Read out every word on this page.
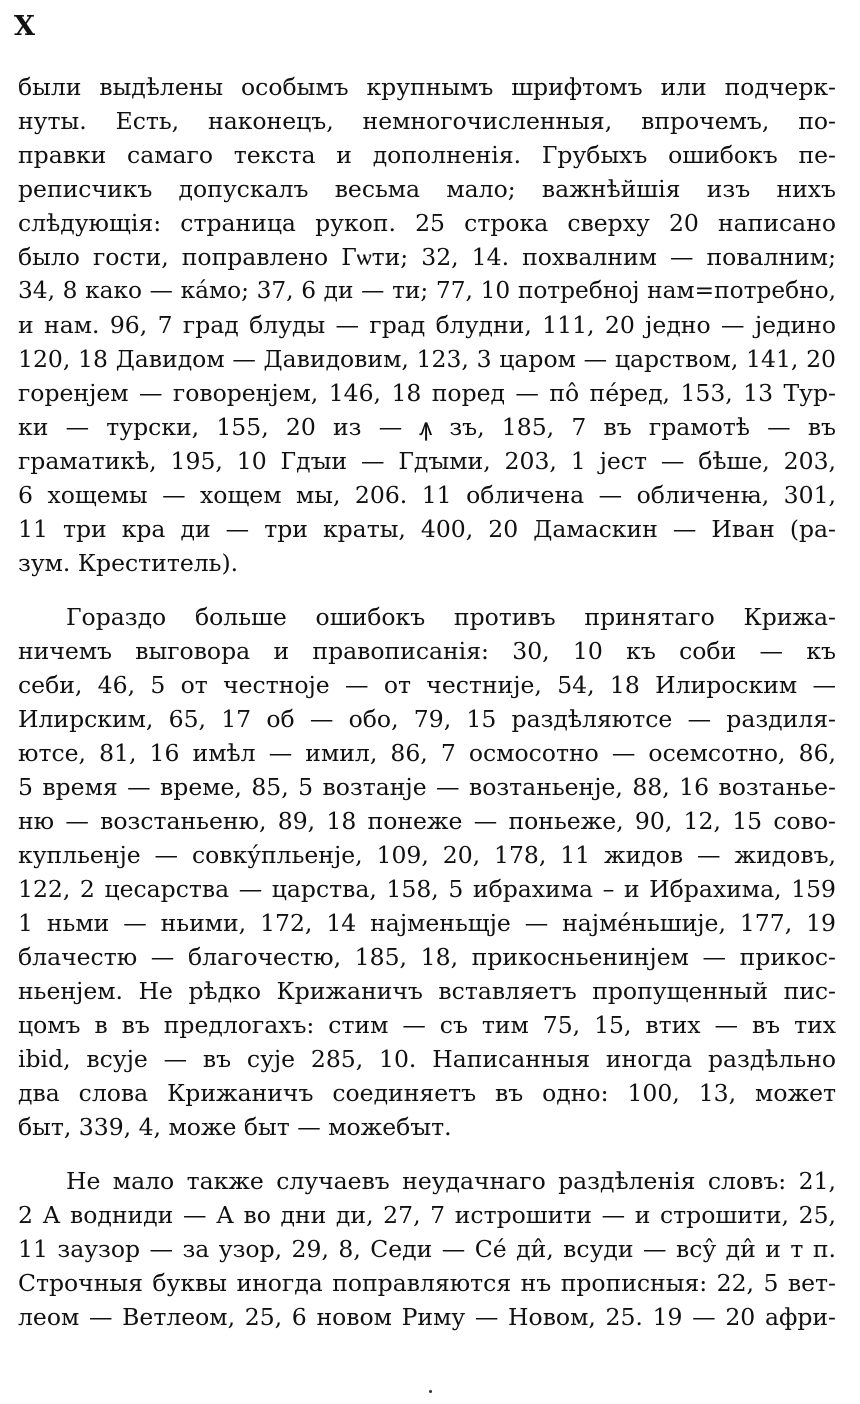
X
были выдѣлены особымъ крупнымъ шрифтомъ или подчерк-
нуты. Есть, наконецъ, немногочисленныя, впрочемъ, по-
правки самаго текста и дополненія. Грубыхъ ошибокъ пе-
реписчикъ допускалъ весьма мало; важнѣйшія изъ нихъ
слѣдующія: страница рукоп. 25 строка сверху 20 написано
было гости, поправлено Гѡти; 32, 14. похвалним — повалним;
34, 8 како — ка́мо; 37, 6 ди — ти; 77, 10 потребнoj нам=потребно,
и нам. 96, 7 град блуды — град блудни, 111, 20 једно — једино
120, 18 Давидом — Давидовим, 123, 3 царом — царством, 141, 20
горенјем — говоренјем, 146, 18 поред — по̂ пе́ред, 153, 13 Тур-
ки — турски, 155, 20 из — ꙟ зъ, 185, 7 въ грамотѣ — въ
граматикѣ, 195, 10 Гдꙑи — Гдꙑми, 203, 1 јест — бѣше, 203,
6 хощемы — хощем мы, 206. 11 обличена — обличенꙗ, 301,
11 три кра ди — три краты, 400, 20 Дамаскин — Иван (ра-
зум. Креститель).
Гораздо больше ошибокъ противъ принятаго Крижа-
ничемъ выговора и правописанія: 30, 10 къ соби — къ
себи, 46, 5 от честнојe — от честније, 54, 18 Илироским —
Илирским, 65, 17 об — обо, 79, 15 раздѣляютсе — раздиля-
ютсе, 81, 16 имѣл — имил, 86, 7 осмосотно — осемсотно, 86,
5 время — време, 85, 5 возтанје — возтаньенје, 88, 16 возтанье-
ню — возстаньеню, 89, 18 понеже — поньеже, 90, 12, 15 сово-
купльенје — совку́пльенје, 109, 20, 178, 11 жидов — жидовъ,
122, 2 цесарства — царства, 158, 5 ибрахима – и Ибрахима, 159
1 ньми — ньими, 172, 14 најменьщје — најме́ньшије, 177, 19
блачестю — благочестю, 185, 18, прикосньенинјем — прикос-
ньенјем. Не рѣдко Крижаничъ вставляетъ пропущенный пис-
цомъ в въ предлогахъ: стим — съ тим 75, 15, втих — въ тих
ibid, всује — въ сује 285, 10. Написанныя иногда раздѣльно
два слова Крижаничъ соединяетъ въ одно: 100, 13, может
быт, 339, 4, може быт — можебꙑт.
Не мало также случаевъ неудачнаго раздѣленія словъ: 21,
2 А водниди — А во дни ди, 27, 7 истрошити — и строшити, 25,
11 заузор — за узор, 29, 8, Седи — Се́ ди̂, всуди — всу̂ ди̂ и т п.
Строчныя буквы иногда поправляются нъ прописныя: 22, 5 вет-
леом — Ветлеом, 25, 6 новом Риму — Новом, 25. 19 — 20 афри-
